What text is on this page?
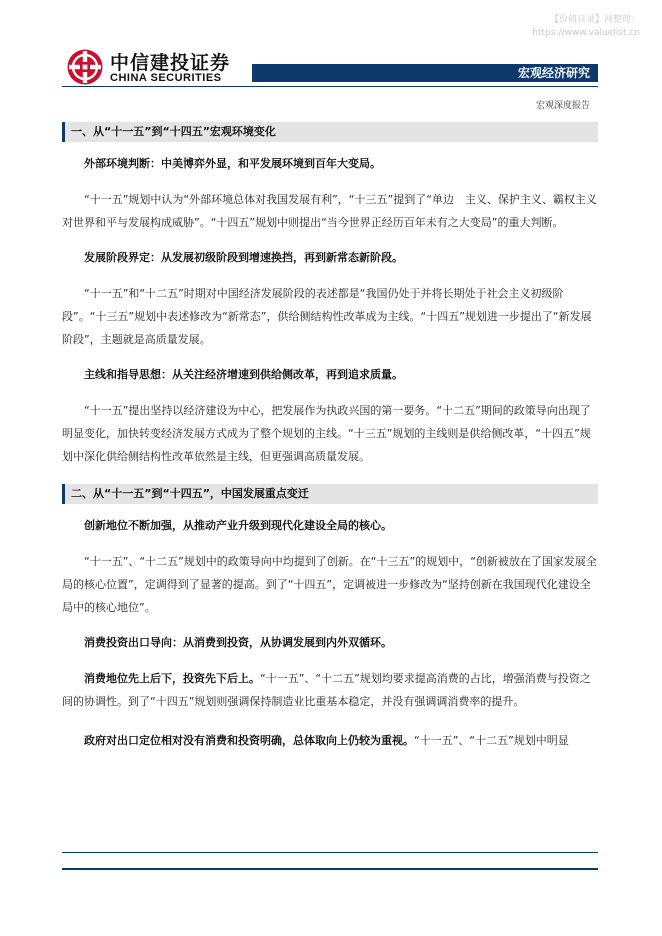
【价值目录】网整理：
https://www.valuelist.cn
中信建投证券
CHINA SECURITIES	宏观经济研究
宏观深度报告
一、从“十一五”到“十四五”宏观环境变化
外部环境判断：中美博弈外显，和平发展环境到百年大变局。
“十一五”规划中认为“外部环境总体对我国发展有利”，“十三五”提到了“单边　主义、保护主义、霸权主义对世界和平与发展构成威胁”。“十四五”规划中则提出“当今世界正经历百年未有之大变局”的重大判断。
发展阶段界定：从发展初级阶段到增速换挡，再到新常态新阶段。
“十一五”和“十二五”时期对中国经济发展阶段的表述都是“我国仍处于并将长期处于社会主义初级阶段”。“十三五”规划中表述修改为“新常态”，供给侧结构性改革成为主线。“十四五”规划进一步提出了“新发展阶段”，主题就是高质量发展。
主线和指导思想：从关注经济增速到供给侧改革，再到追求质量。
“十一五”提出坚持以经济建设为中心，把发展作为执政兴国的第一要务。“十二五”期间的政策导向出现了明显变化，加快转变经济发展方式成为了整个规划的主线。“十三五”规划的主线则是供给侧改革，“十四五”规划中深化供给侧结构性改革依然是主线，但更强调高质量发展。
二、从“十一五”到“十四五”，中国发展重点变迁
创新地位不断加强，从推动产业升级到现代化建设全局的核心。
“十一五”、“十二五”规划中的政策导向中均提到了创新。在“十三五”的规划中，“创新被放在了国家发展全局的核心位置”，定调得到了显著的提高。到了“十四五”，定调被进一步修改为“坚持创新在我国现代化建设全局中的核心地位”。
消费投资出口导向：从消费到投资，从协调发展到内外双循环。
消费地位先上后下，投资先下后上。“十一五”、“十二五”规划均要求提高消费的占比，增强消费与投资之间的协调性。到了“十四五”规划则强调保持制造业比重基本稳定，并没有强调调消费率的提升。
政府对出口定位相对没有消费和投资明确，总体取向上仍较为重视。“十一五”、“十二五”规划中明显
